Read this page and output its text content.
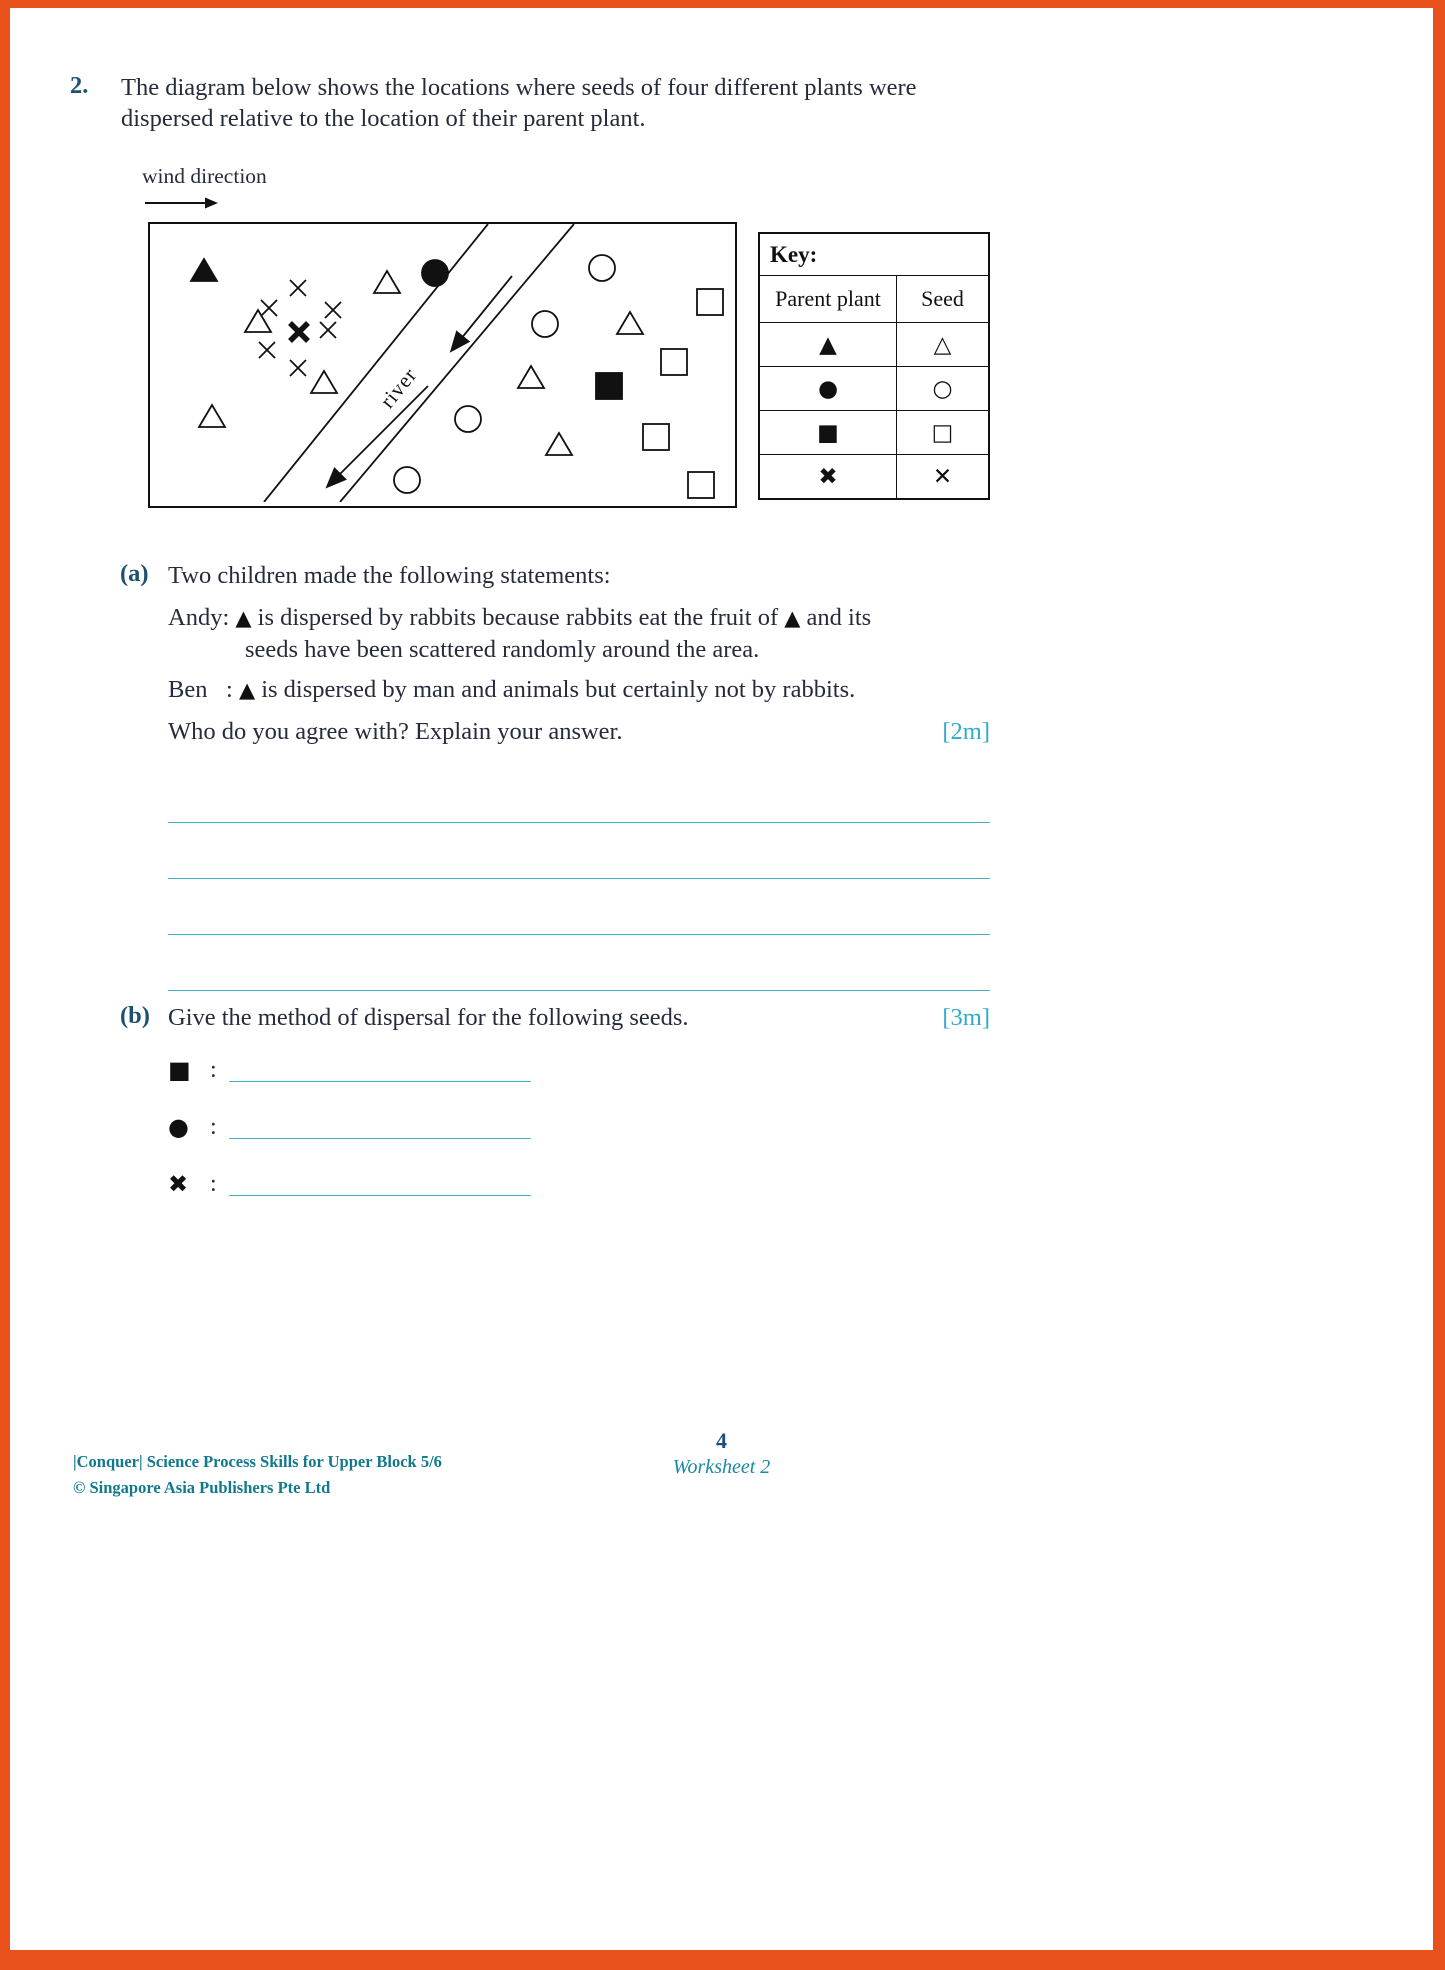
2. The diagram below shows the locations where seeds of four different plants were dispersed relative to the location of their parent plant.
wind direction
river
Key:
Parent plant	Seed
▲	△
●	○
■	□
✖	✕
(a) Two children made the following statements:
Andy: ▲ is dispersed by rabbits because rabbits eat the fruit of ▲ and its
seeds have been scattered randomly around the area.
Ben : ▲ is dispersed by man and animals but certainly not by rabbits.
Who do you agree with? Explain your answer.	[2m]
(b) Give the method of dispersal for the following seeds.	[3m]
■ :
● :
✖ :
4
Worksheet 2
|Conquer| Science Process Skills for Upper Block 5/6
© Singapore Asia Publishers Pte Ltd
